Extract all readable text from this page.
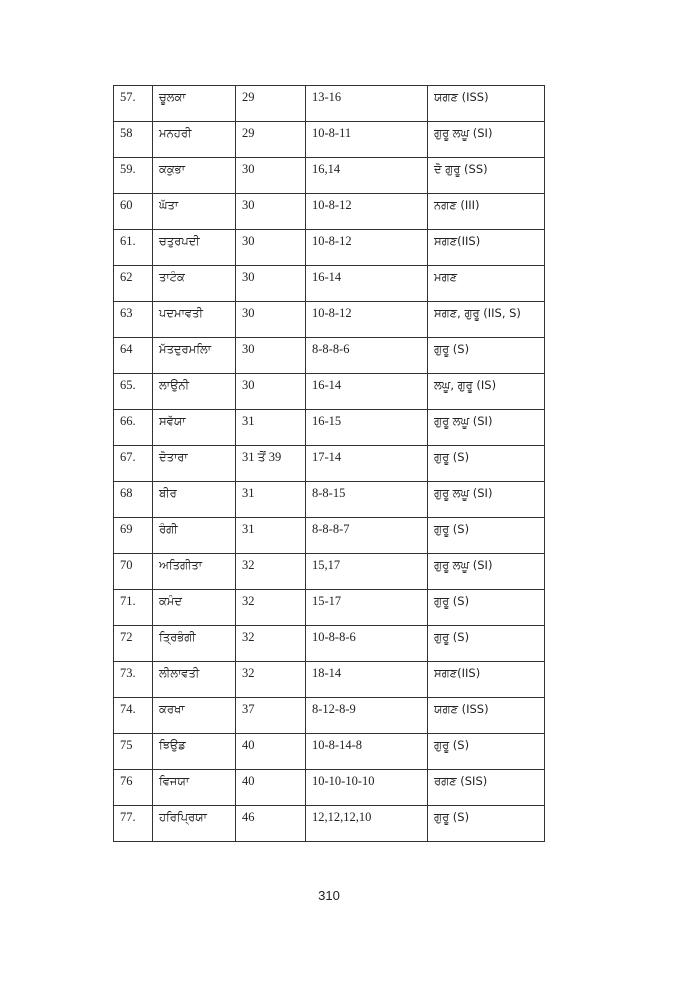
57.	ਚੂਲਕਾ	29	13-16	ਯਗਣ (ISS)
58	ਮਨਹਰੀ	29	10-8-11	ਗੁਰੂ ਲਘੂ (SI)
59.	ਕਕੁਭਾ	30	16,14	ਦੋ ਗੁਰੂ (SS)
60	ਘੱਤਾ	30	10-8-12	ਨਗਣ (III)
61.	ਚਤੁਰਪਦੀ	30	10-8-12	ਸਗਣ(IIS)
62	ਤਾਟੰਕ	30	16-14	ਮਗਣ
63	ਪਦਮਾਵਤੀ	30	10-8-12	ਸਗਣ, ਗੁਰੂ (IIS, S)
64	ਮੱਤਦੁਰਮਲਿਾ	30	8-8-8-6	ਗੁਰੂ (S)
65.	ਲਾਉਨੀ	30	16-14	ਲਘੂ, ਗੁਰੂ (IS)
66.	ਸਵੱਯਾ	31	16-15	ਗੁਰੂ ਲਘੂ (SI)
67.	ਦੋਤਾਰਾ	31 ਤੋਂ 39	17-14	ਗੁਰੂ (S)
68	ਬੀਰ	31	8-8-15	ਗੁਰੂ ਲਘੂ (SI)
69	ਰੰਗੀ	31	8-8-8-7	ਗੁਰੂ (S)
70	ਅਤਿਗੀਤਾ	32	15,17	ਗੁਰੂ ਲਘੂ (SI)
71.	ਕਮੰਦ	32	15-17	ਗੁਰੂ (S)
72	ਤ੍ਰਿਭੰਗੀ	32	10-8-8-6	ਗੁਰੂ (S)
73.	ਲੀਲਾਵਤੀ	32	18-14	ਸਗਣ(IIS)
74.	ਕਰਖਾ	37	8-12-8-9	ਯਗਣ (ISS)
75	ਝਿਉਡ	40	10-8-14-8	ਗੁਰੂ (S)
76	ਵਿਜਯਾ	40	10-10-10-10	ਰਗਣ (SIS)
77.	ਹਰਿਪ੍ਰਿਯਾ	46	12,12,12,10	ਗੁਰੂ (S)
310
